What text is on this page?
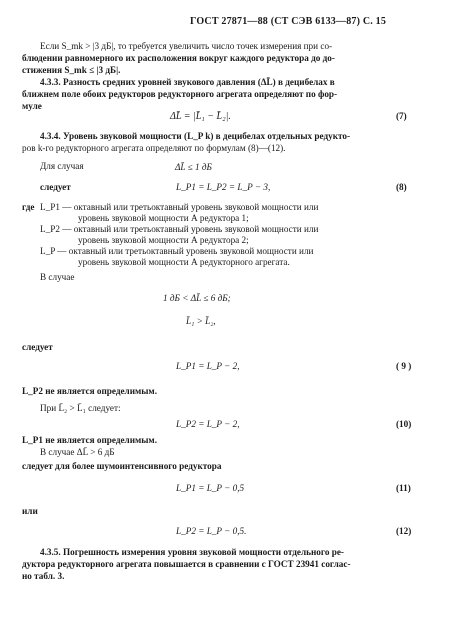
ГОСТ 27871—88 (СТ СЭВ 6133—87) С. 15
Если S_mk > |3 дБ|, то требуется увеличить число точек измерения при со-
блюдении равномерного их расположения вокруг каждого редуктора до до-
стижения S_mk ≤ |3 дБ|.
4.3.3. Разность средних уровней звукового давления (ΔL̄) в децибелах в
ближнем поле обоих редукторов редукторного агрегата определяют по фор-
муле
ΔL̄ = |L̄₁ − L̄₂|.	(7)
4.3.4. Уровень звуковой мощности (L_P k) в децибелах отдельных редукто-
ров k-го редукторного агрегата определяют по формулам (8)—(12).
Для случая	ΔL̄ ≤ 1 дБ
следует	L_P1 = L_P2 = L_P − 3,	(8)
где L_P1 — октавный или третьоктавный уровень звуковой мощности или
уровень звуковой мощности А редуктора 1;
L_P2 — октавный или третьоктавный уровень звуковой мощности или
уровень звуковой мощности А редуктора 2;
L_P — октавный или третьоктавный уровень звуковой мощности или
уровень звуковой мощности А редукторного агрегата.
В случае
1 дБ < ΔL̄ ≤ 6 дБ;
L̄₁ > L̄₂,
следует
L_P1 = L_P − 2,	( 9 )
L_P2 не является определимым.
При L̄₂ > L̄₁ следует:
L_P2 = L_P − 2,	(10)
L_P1 не является определимым.
В случае ΔL̄ > 6 дБ
следует для более шумоинтенсивного редуктора
L_P1 = L_P − 0,5	(11)
или
L_P2 = L_P − 0,5.	(12)
4.3.5. Погрешность измерения уровня звуковой мощности отдельного ре-
дуктора редукторного агрегата повышается в сравнении с ГОСТ 23941 соглас-
но табл. 3.
